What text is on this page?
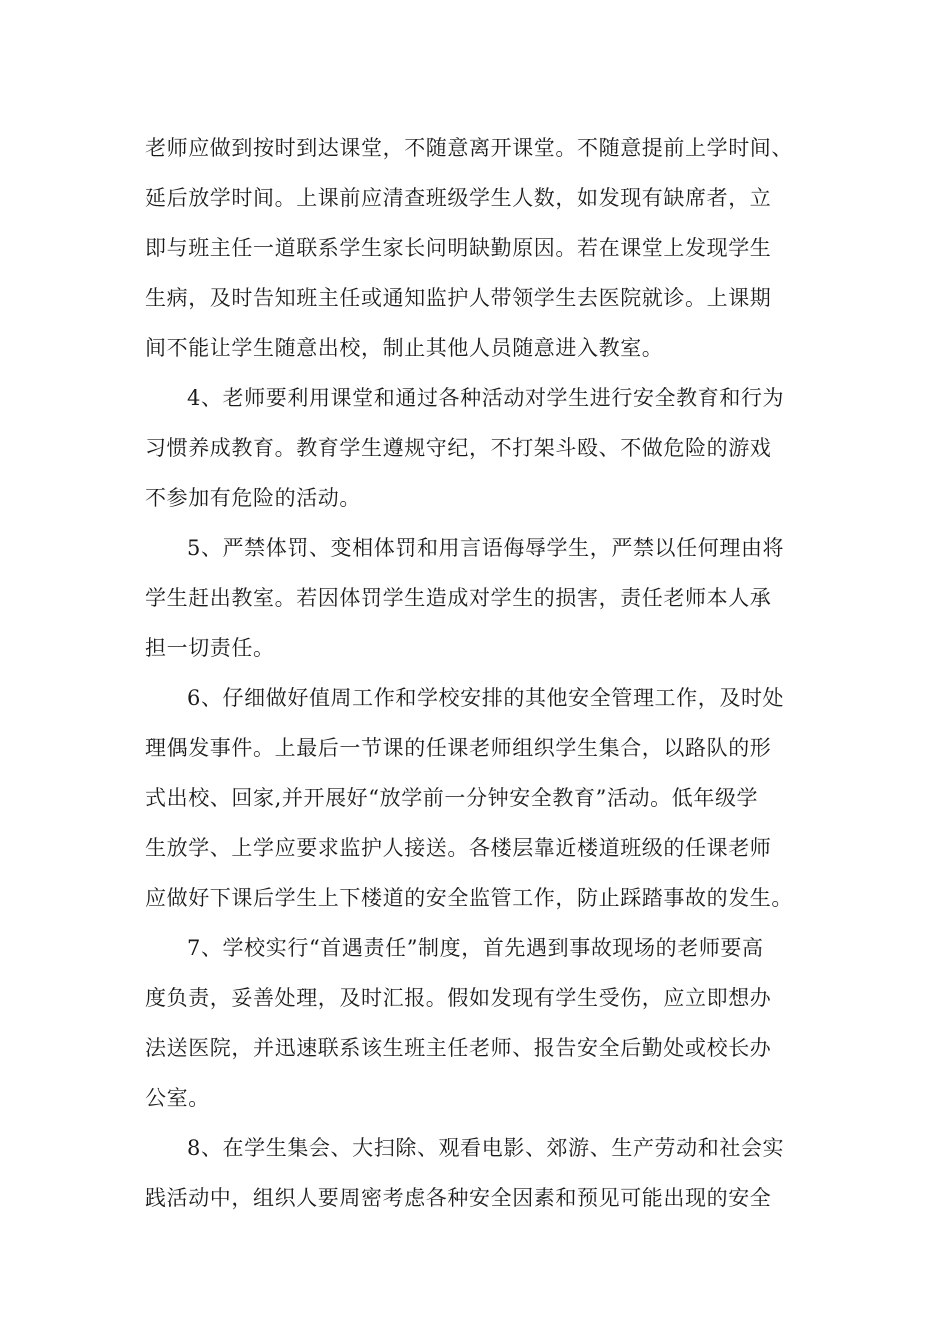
老师应做到按时到达课堂，不随意离开课堂。不随意提前上学时间、
延后放学时间。上课前应清查班级学生人数，如发现有缺席者，立
即与班主任一道联系学生家长问明缺勤原因。若在课堂上发现学生
生病，及时告知班主任或通知监护人带领学生去医院就诊。上课期
间不能让学生随意出校，制止其他人员随意进入教室。
4、老师要利用课堂和通过各种活动对学生进行安全教育和行为
习惯养成教育。教育学生遵规守纪，不打架斗殴、不做危险的游戏
不参加有危险的活动。
5、严禁体罚、变相体罚和用言语侮辱学生，严禁以任何理由将
学生赶出教室。若因体罚学生造成对学生的损害，责任老师本人承
担一切责任。
6、仔细做好值周工作和学校安排的其他安全管理工作，及时处
理偶发事件。上最后一节课的任课老师组织学生集合，以路队的形
式出校、回家,并开展好“放学前一分钟安全教育”活动。低年级学
生放学、上学应要求监护人接送。各楼层靠近楼道班级的任课老师
应做好下课后学生上下楼道的安全监管工作，防止踩踏事故的发生。
7、学校实行“首遇责任”制度，首先遇到事故现场的老师要高
度负责，妥善处理，及时汇报。假如发现有学生受伤，应立即想办
法送医院，并迅速联系该生班主任老师、报告安全后勤处或校长办
公室。
8、在学生集会、大扫除、观看电影、郊游、生产劳动和社会实
践活动中，组织人要周密考虑各种安全因素和预见可能出现的安全
